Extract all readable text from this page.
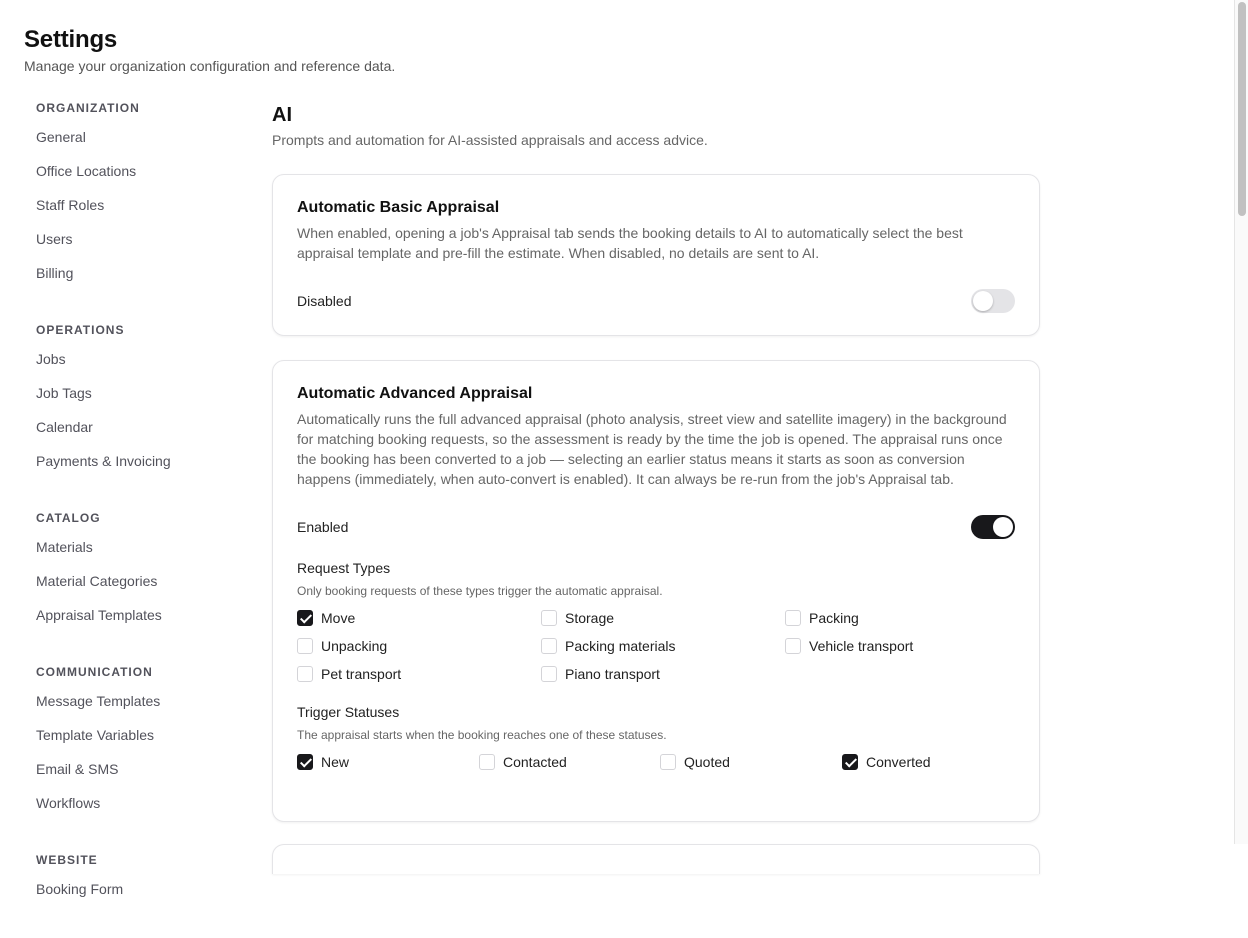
Settings
Manage your organization configuration and reference data.
ORGANIZATION
General
Office Locations
Staff Roles
Users
Billing
OPERATIONS
Jobs
Job Tags
Calendar
Payments & Invoicing
CATALOG
Materials
Material Categories
Appraisal Templates
COMMUNICATION
Message Templates
Template Variables
Email & SMS
Workflows
WEBSITE
Booking Form
AI
Prompts and automation for AI-assisted appraisals and access advice.
Automatic Basic Appraisal
When enabled, opening a job's Appraisal tab sends the booking details to AI to automatically select the best appraisal template and pre-fill the estimate. When disabled, no details are sent to AI.
Disabled
Automatic Advanced Appraisal
Automatically runs the full advanced appraisal (photo analysis, street view and satellite imagery) in the background for matching booking requests, so the assessment is ready by the time the job is opened. The appraisal runs once the booking has been converted to a job — selecting an earlier status means it starts as soon as conversion happens (immediately, when auto-convert is enabled). It can always be re-run from the job's Appraisal tab.
Enabled
Request Types
Only booking requests of these types trigger the automatic appraisal.
Move	Storage	Packing
Unpacking	Packing materials	Vehicle transport
Pet transport	Piano transport
Trigger Statuses
The appraisal starts when the booking reaches one of these statuses.
New	Contacted	Quoted	Converted
